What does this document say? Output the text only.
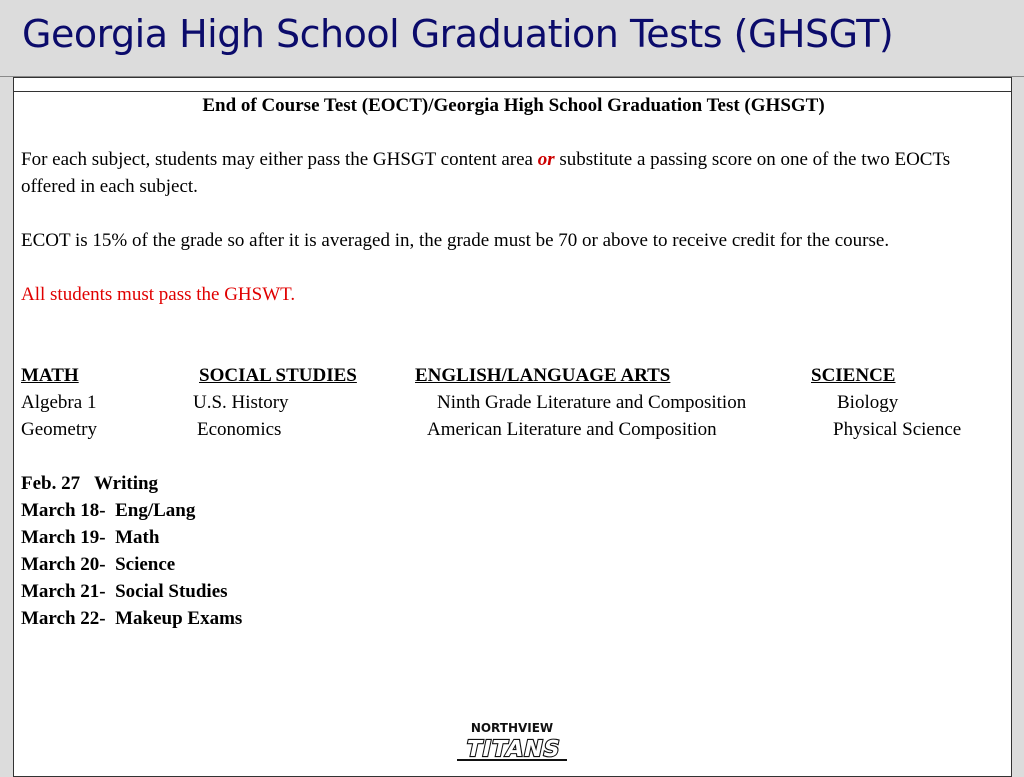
Georgia High School Graduation Tests (GHSGT)
End of Course Test (EOCT)/Georgia High School Graduation Test (GHSGT)

For each subject, students may either pass the GHSGT content area or substitute a passing score on one of the two EOCTs offered in each subject.

ECOT is 15% of the grade so after it is averaged in, the grade must be 70 or above to receive credit for the course.

All students must pass the GHSWT.

MATH
Algebra 1
Geometry
SOCIAL STUDIES
U.S. History
Economics
ENGLISH/LANGUAGE ARTS
Ninth Grade Literature and Composition
American Literature and Composition
SCIENCE
Biology
Physical Science
Feb. 27   Writing
March 18-  Eng/Lang
March 19-  Math
March 20-  Science
March 21-  Social Studies
March 22-  Makeup Exams
NORTHVIEW
TITANS
